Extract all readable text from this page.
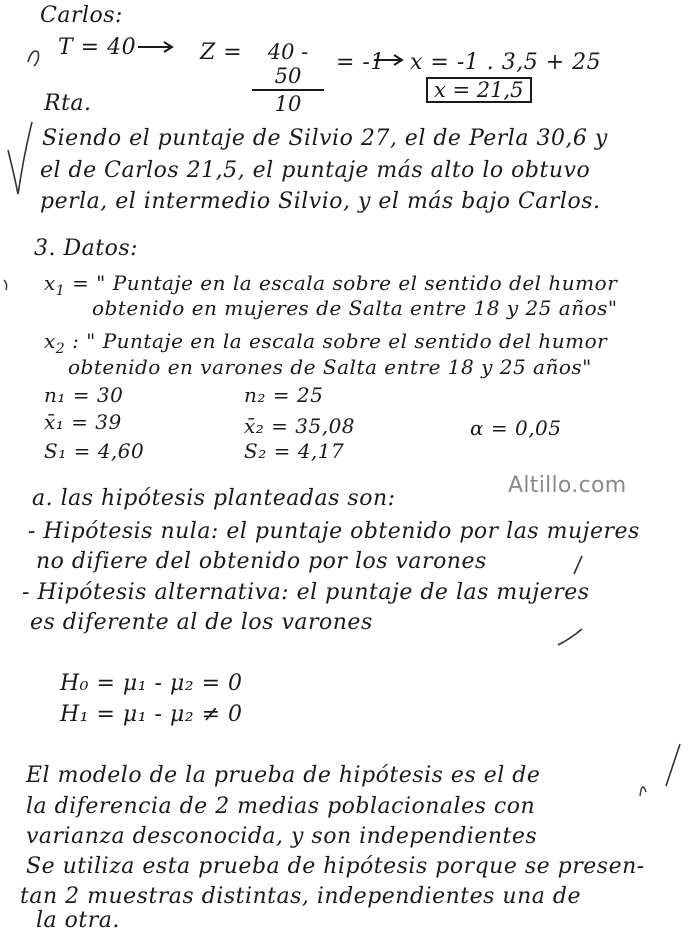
Carlos:
T = 40	Z =	40 - 50
10
= -1 x = -1 . 3,5 + 25
x = 21,5
Rta.
Siendo el puntaje de Silvio 27, el de Perla 30,6 y
el de Carlos 21,5, el puntaje más alto lo obtuvo
perla, el intermedio Silvio, y el más bajo Carlos.
3. Datos:
$x_1$ = " Puntaje en la escala sobre el sentido del humor
obtenido en mujeres de Salta entre 18 y 25 años"
$x_2$ : " Puntaje en la escala sobre el sentido del humor
obtenido en varones de Salta entre 18 y 25 años"
n₁ = 30	n₂ = 25
x̄₁ = 39	x̄₂ = 35,08	α = 0,05
S₁ = 4,60	S₂ = 4,17
Altillo.com
a. las hipótesis planteadas son:
- Hipótesis nula: el puntaje obtenido por las mujeres
no difiere del obtenido por los varones
- Hipótesis alternativa: el puntaje de las mujeres
es diferente al de los varones
H₀ = μ₁ - μ₂ = 0
H₁ = μ₁ - μ₂ ≠ 0
El modelo de la prueba de hipótesis es el de
la diferencia de 2 medias poblacionales con
varianza desconocida, y son independientes
Se utiliza esta prueba de hipótesis porque se presen-
tan 2 muestras distintas, independientes una de
la otra.
